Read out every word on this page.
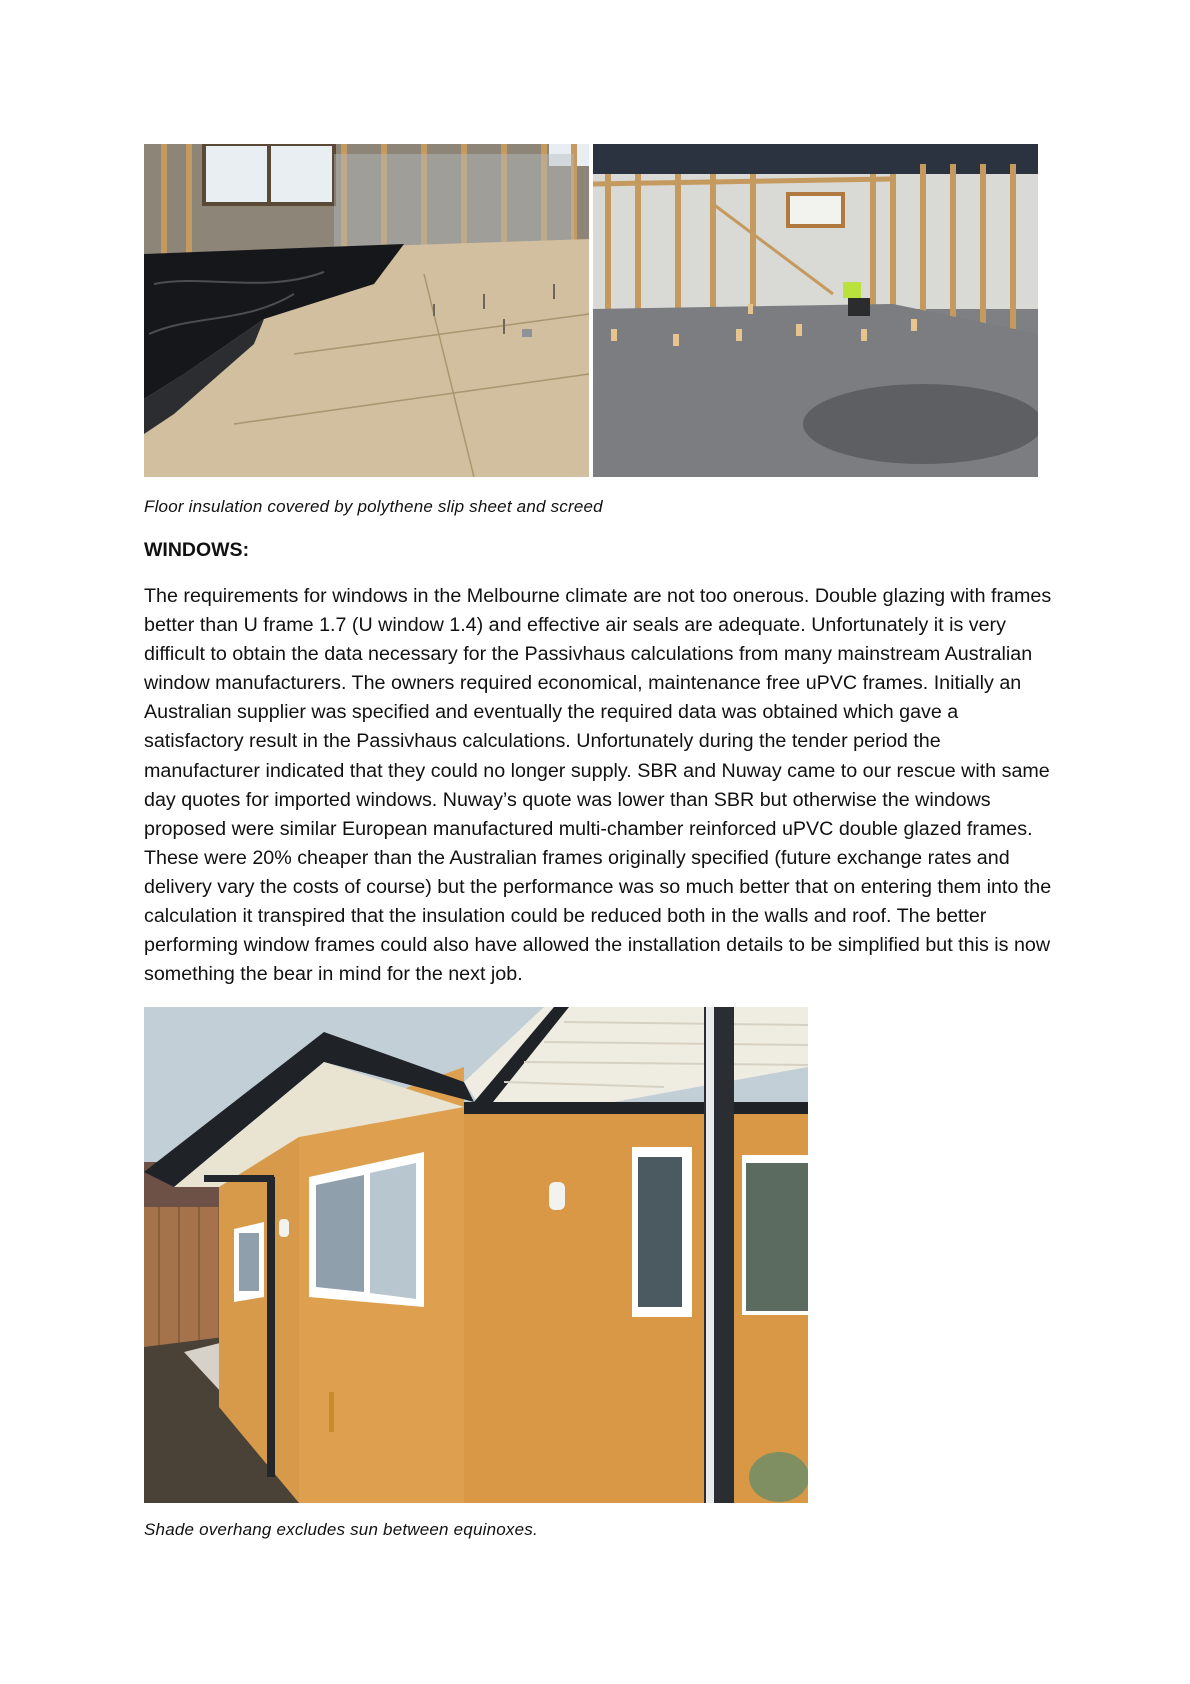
Floor insulation covered by polythene slip sheet and screed
WINDOWS:

The requirements for windows in the Melbourne climate are not too onerous. Double glazing with frames better than U frame 1.7 (U window 1.4) and effective air seals are adequate. Unfortunately it is very difficult to obtain the data necessary for the Passivhaus calculations from many mainstream Australian window manufacturers. The owners required economical, maintenance free uPVC frames. Initially an Australian supplier was specified and eventually the required data was obtained which gave a satisfactory result in the Passivhaus calculations. Unfortunately during the tender period the manufacturer indicated that they could no longer supply. SBR and Nuway came to our rescue with same day quotes for imported windows. Nuway’s quote was lower than SBR but otherwise the windows proposed were similar European manufactured multi-chamber reinforced uPVC double glazed frames. These were 20% cheaper than the Australian frames originally specified (future exchange rates and delivery vary the costs of course) but the performance was so much better that on entering them into the calculation it transpired that the insulation could be reduced both in the walls and roof. The better performing window frames could also have allowed the installation details to be simplified but this is now something the bear in mind for the next job.

Shade overhang excludes sun between equinoxes.
